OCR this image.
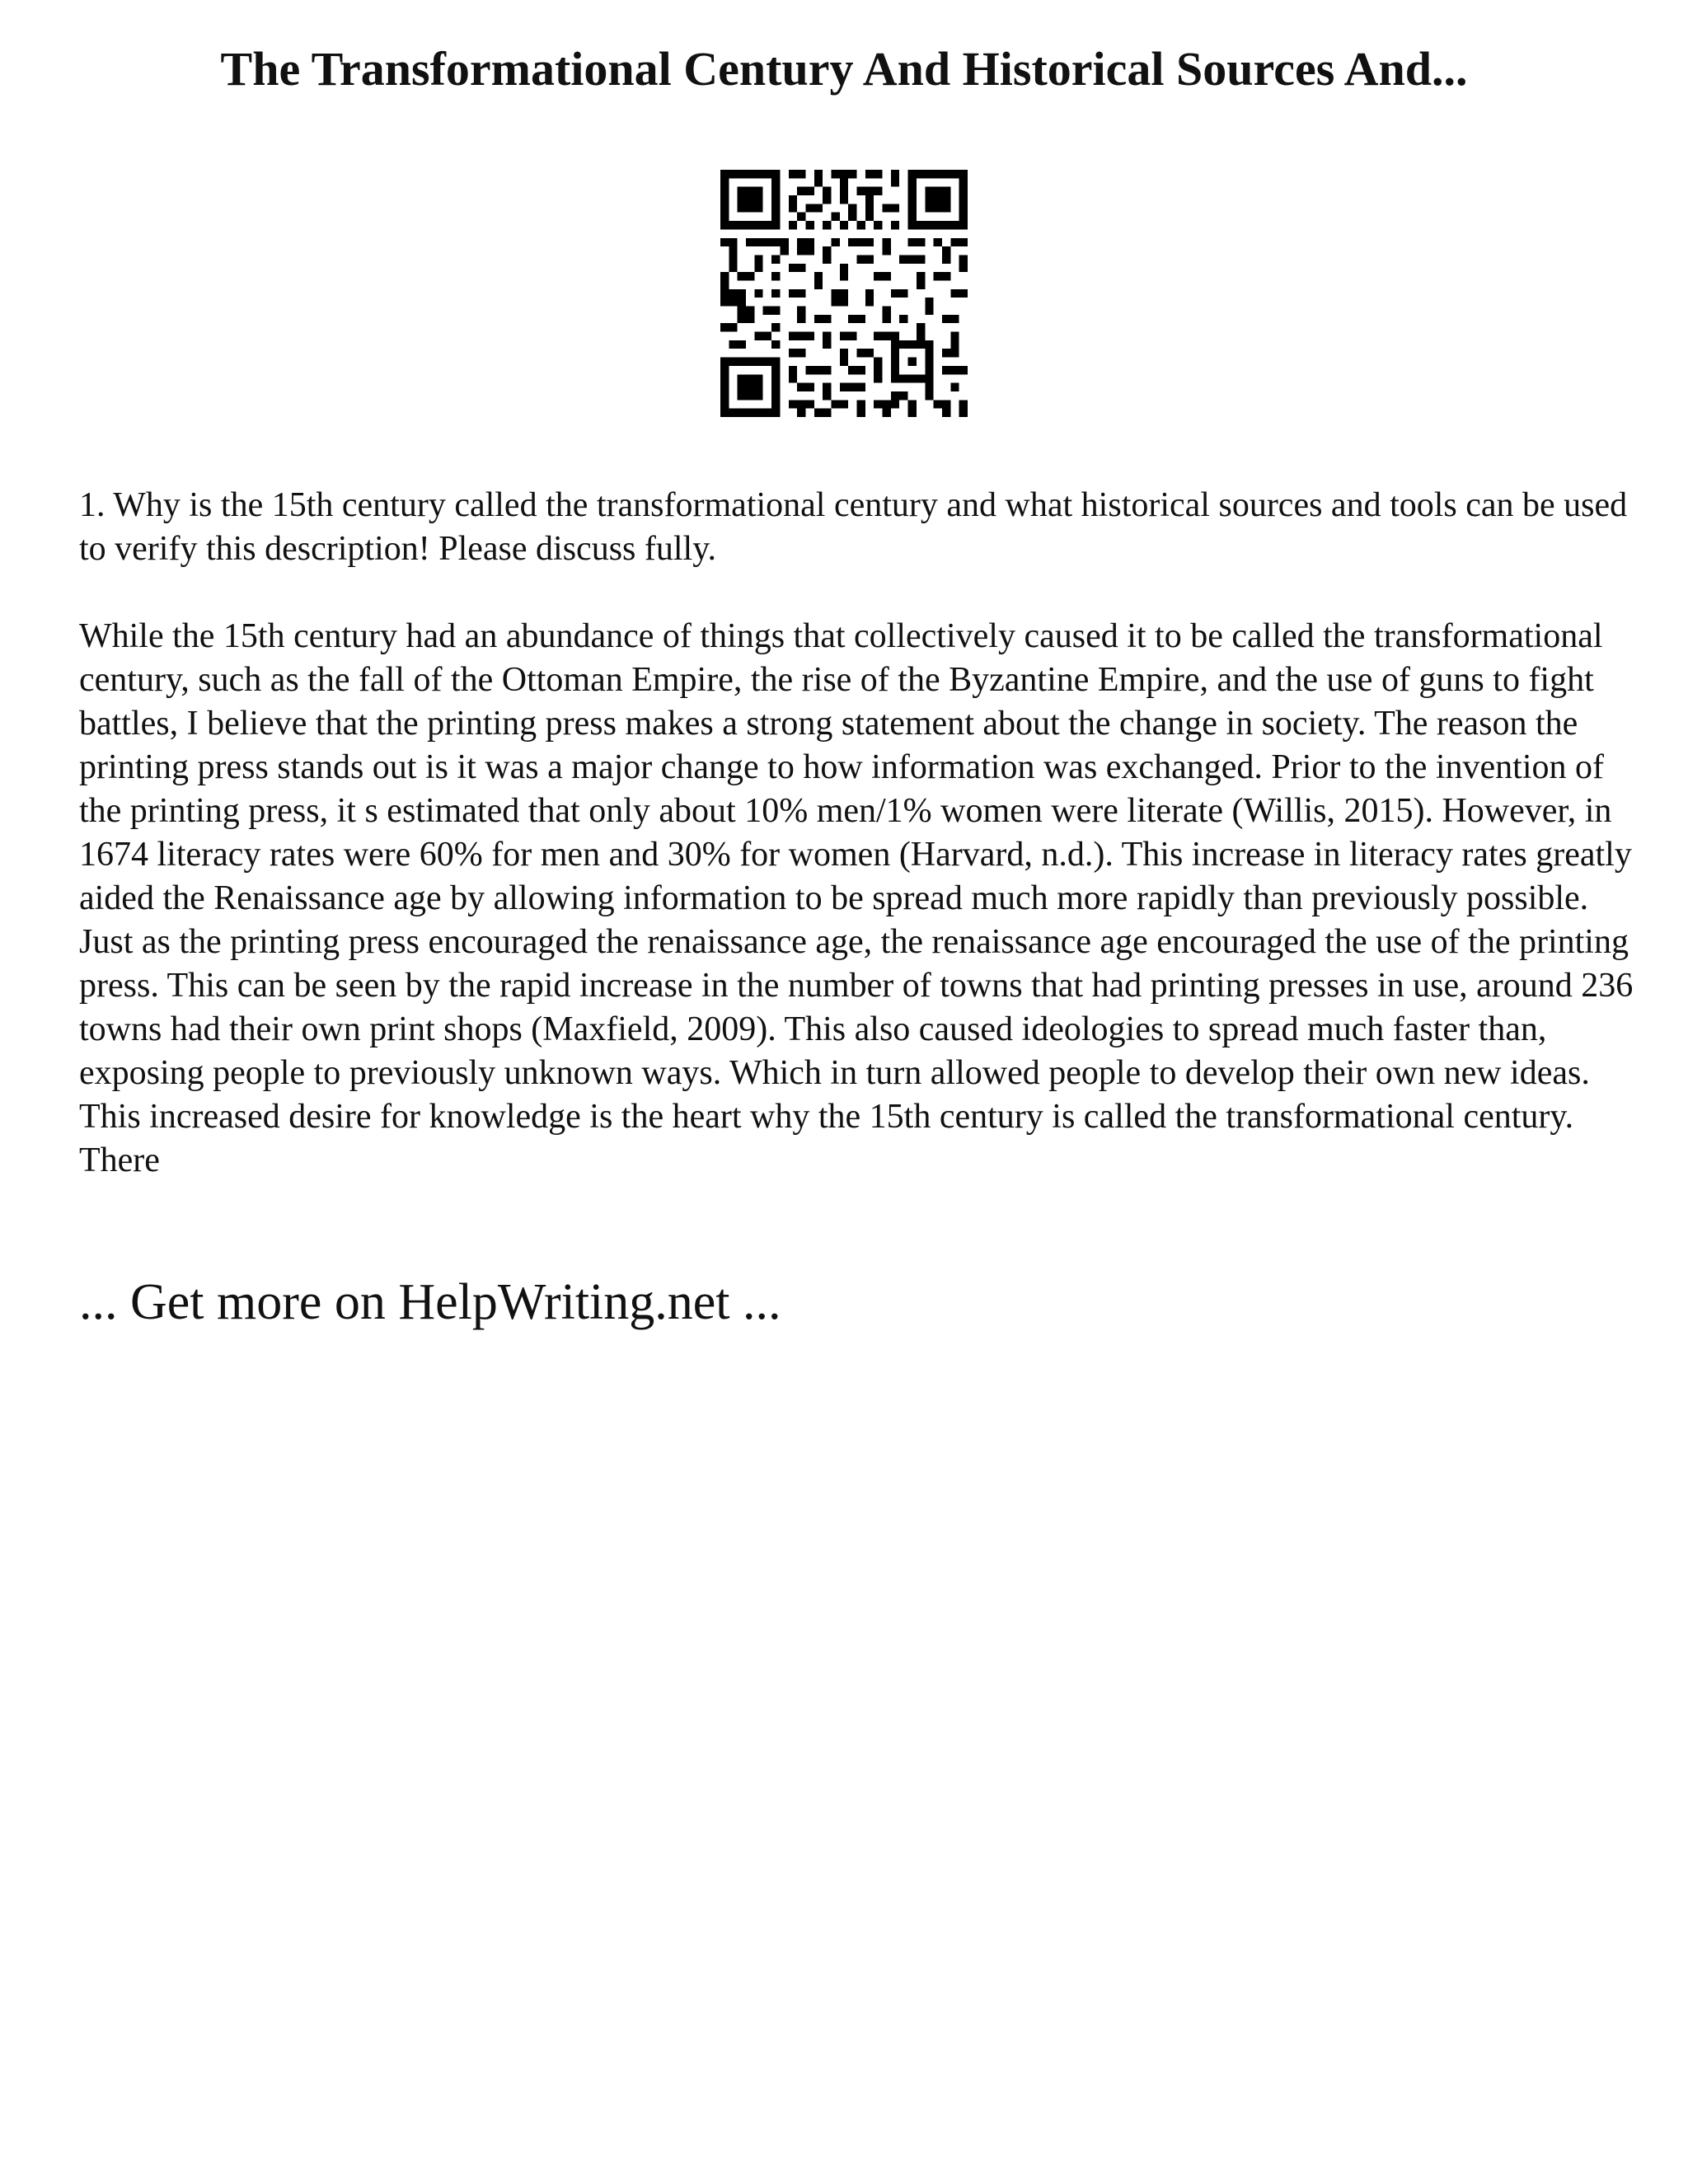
The Transformational Century And Historical Sources And...

1. Why is the 15th century called the transformational century and what historical sources and tools can be used to verify this description! Please discuss fully.

While the 15th century had an abundance of things that collectively caused it to be called the transformational century, such as the fall of the Ottoman Empire, the rise of the Byzantine Empire, and the use of guns to fight battles, I believe that the printing press makes a strong statement about the change in society. The reason the printing press stands out is it was a major change to how information was exchanged. Prior to the invention of the printing press, it s estimated that only about 10% men/1% women were literate (Willis, 2015). However, in 1674 literacy rates were 60% for men and 30% for women (Harvard, n.d.). This increase in literacy rates greatly aided the Renaissance age by allowing information to be spread much more rapidly than previously possible. Just as the printing press encouraged the renaissance age, the renaissance age encouraged the use of the printing press. This can be seen by the rapid increase in the number of towns that had printing presses in use, around 236 towns had their own print shops (Maxfield, 2009). This also caused ideologies to spread much faster than, exposing people to previously unknown ways. Which in turn allowed people to develop their own new ideas. This increased desire for knowledge is the heart why the 15th century is called the transformational century. There

... Get more on HelpWriting.net ...
